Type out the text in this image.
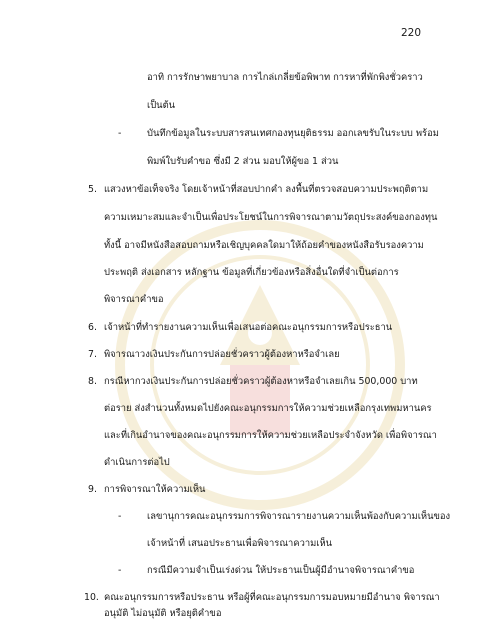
220
อาทิ การรักษาพยาบาล การไกล่เกลี่ยข้อพิพาท การหาที่พักพิงชั่วคราว
เป็นต้น
-	บันทึกข้อมูลในระบบสารสนเทศกองทุนยุติธรรม ออกเลขรับในระบบ พร้อม
พิมพ์ใบรับคำขอ ซึ่งมี 2 ส่วน มอบให้ผู้ขอ 1 ส่วน
5. แสวงหาข้อเท็จจริง โดยเจ้าหน้าที่สอบปากคำ ลงพื้นที่ตรวจสอบความประพฤติตาม
ความเหมาะสมและจำเป็นเพื่อประโยชน์ในการพิจารณาตามวัตถุประสงค์ของกองทุน
ทั้งนี้ อาจมีหนังสือสอบถามหรือเชิญบุคคลใดมาให้ถ้อยคำของหนังสือรับรองความ
ประพฤติ ส่งเอกสาร หลักฐาน ข้อมูลที่เกี่ยวข้องหรือสิ่งอื่นใดที่จำเป็นต่อการ
พิจารณาคำขอ
6. เจ้าหน้าที่ทำรายงานความเห็นเพื่อเสนอต่อคณะอนุกรรมการหรือประธาน
7. พิจารณาวงเงินประกันการปล่อยชั่วคราวผู้ต้องหาหรือจำเลย
8. กรณีหากวงเงินประกันการปล่อยชั่วคราวผู้ต้องหาหรือจำเลยเกิน 500,000 บาท
ต่อราย ส่งสำนวนทั้งหมดไปยังคณะอนุกรรมการให้ความช่วยเหลือกรุงเทพมหานคร
และที่เกินอำนาจของคณะอนุกรรมการให้ความช่วยเหลือประจำจังหวัด เพื่อพิจารณา
ดำเนินการต่อไป
9. การพิจารณาให้ความเห็น
-	เลขานุการคณะอนุกรรมการพิจารณารายงานความเห็นพ้องกับความเห็นของ
เจ้าหน้าที่ เสนอประธานเพื่อพิจารณาความเห็น
-	กรณีมีความจำเป็นเร่งด่วน ให้ประธานเป็นผู้มีอำนาจพิจารณาคำขอ
10. คณะอนุกรรมการหรือประธาน หรือผู้ที่คณะอนุกรรมการมอบหมายมีอำนาจ พิจารณา
อนุมัติ ไม่อนุมัติ หรือยุติคำขอ
